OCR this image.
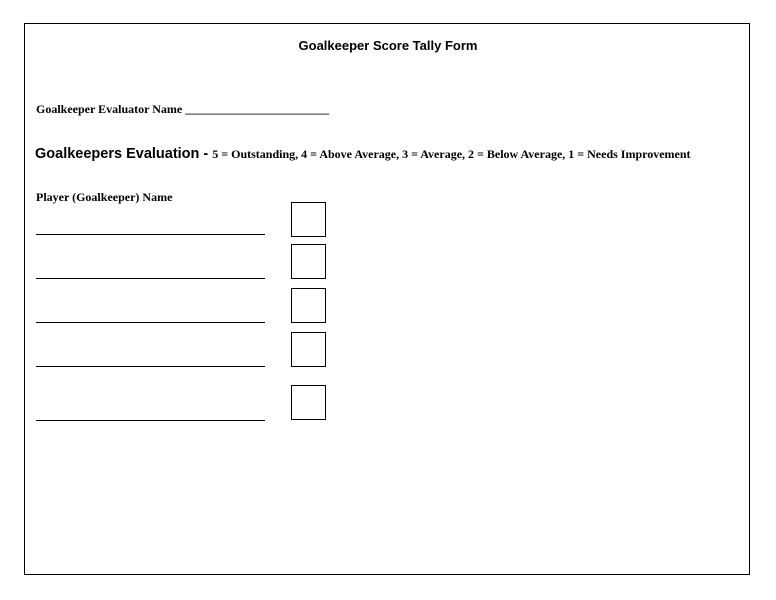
Goalkeeper Score Tally Form
Goalkeeper Evaluator Name ________________________
Goalkeepers Evaluation - 5 = Outstanding, 4 = Above Average, 3 = Average, 2 = Below Average, 1 = Needs Improvement
Player (Goalkeeper) Name
